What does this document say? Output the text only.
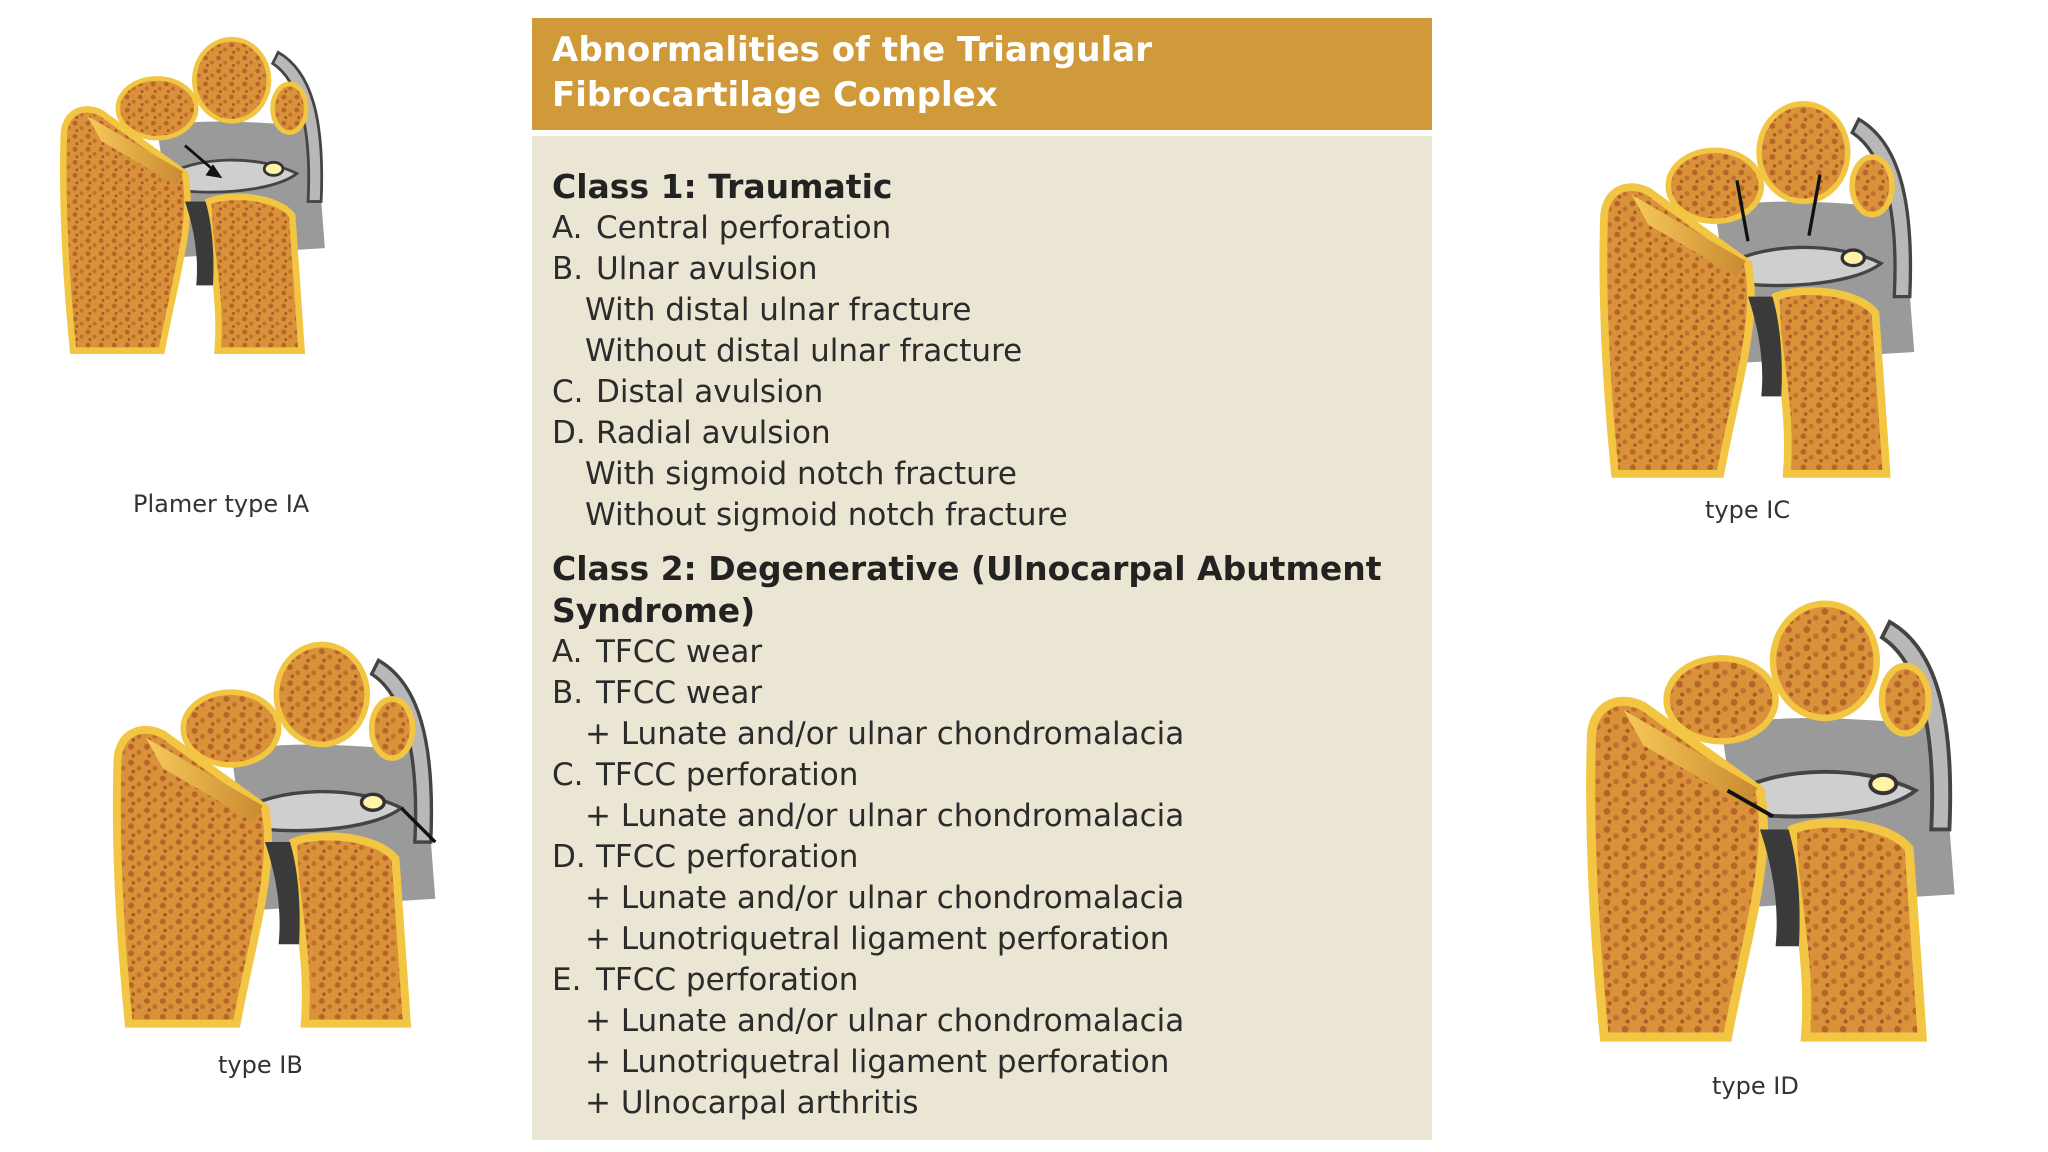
Abnormalities of the Triangular Fibrocartilage Complex
Class 1: Traumatic
A. Central perforation
B. Ulnar avulsion
With distal ulnar fracture
Without distal ulnar fracture
C. Distal avulsion
D. Radial avulsion
With sigmoid notch fracture
Without sigmoid notch fracture
Class 2: Degenerative (Ulnocarpal Abutment Syndrome)
A. TFCC wear
B. TFCC wear
+ Lunate and/or ulnar chondromalacia
C. TFCC perforation
+ Lunate and/or ulnar chondromalacia
D. TFCC perforation
+ Lunate and/or ulnar chondromalacia
+ Lunotriquetral ligament perforation
E. TFCC perforation
+ Lunate and/or ulnar chondromalacia
+ Lunotriquetral ligament perforation
+ Ulnocarpal arthritis
Plamer type IA
type IB
type IC
type ID
